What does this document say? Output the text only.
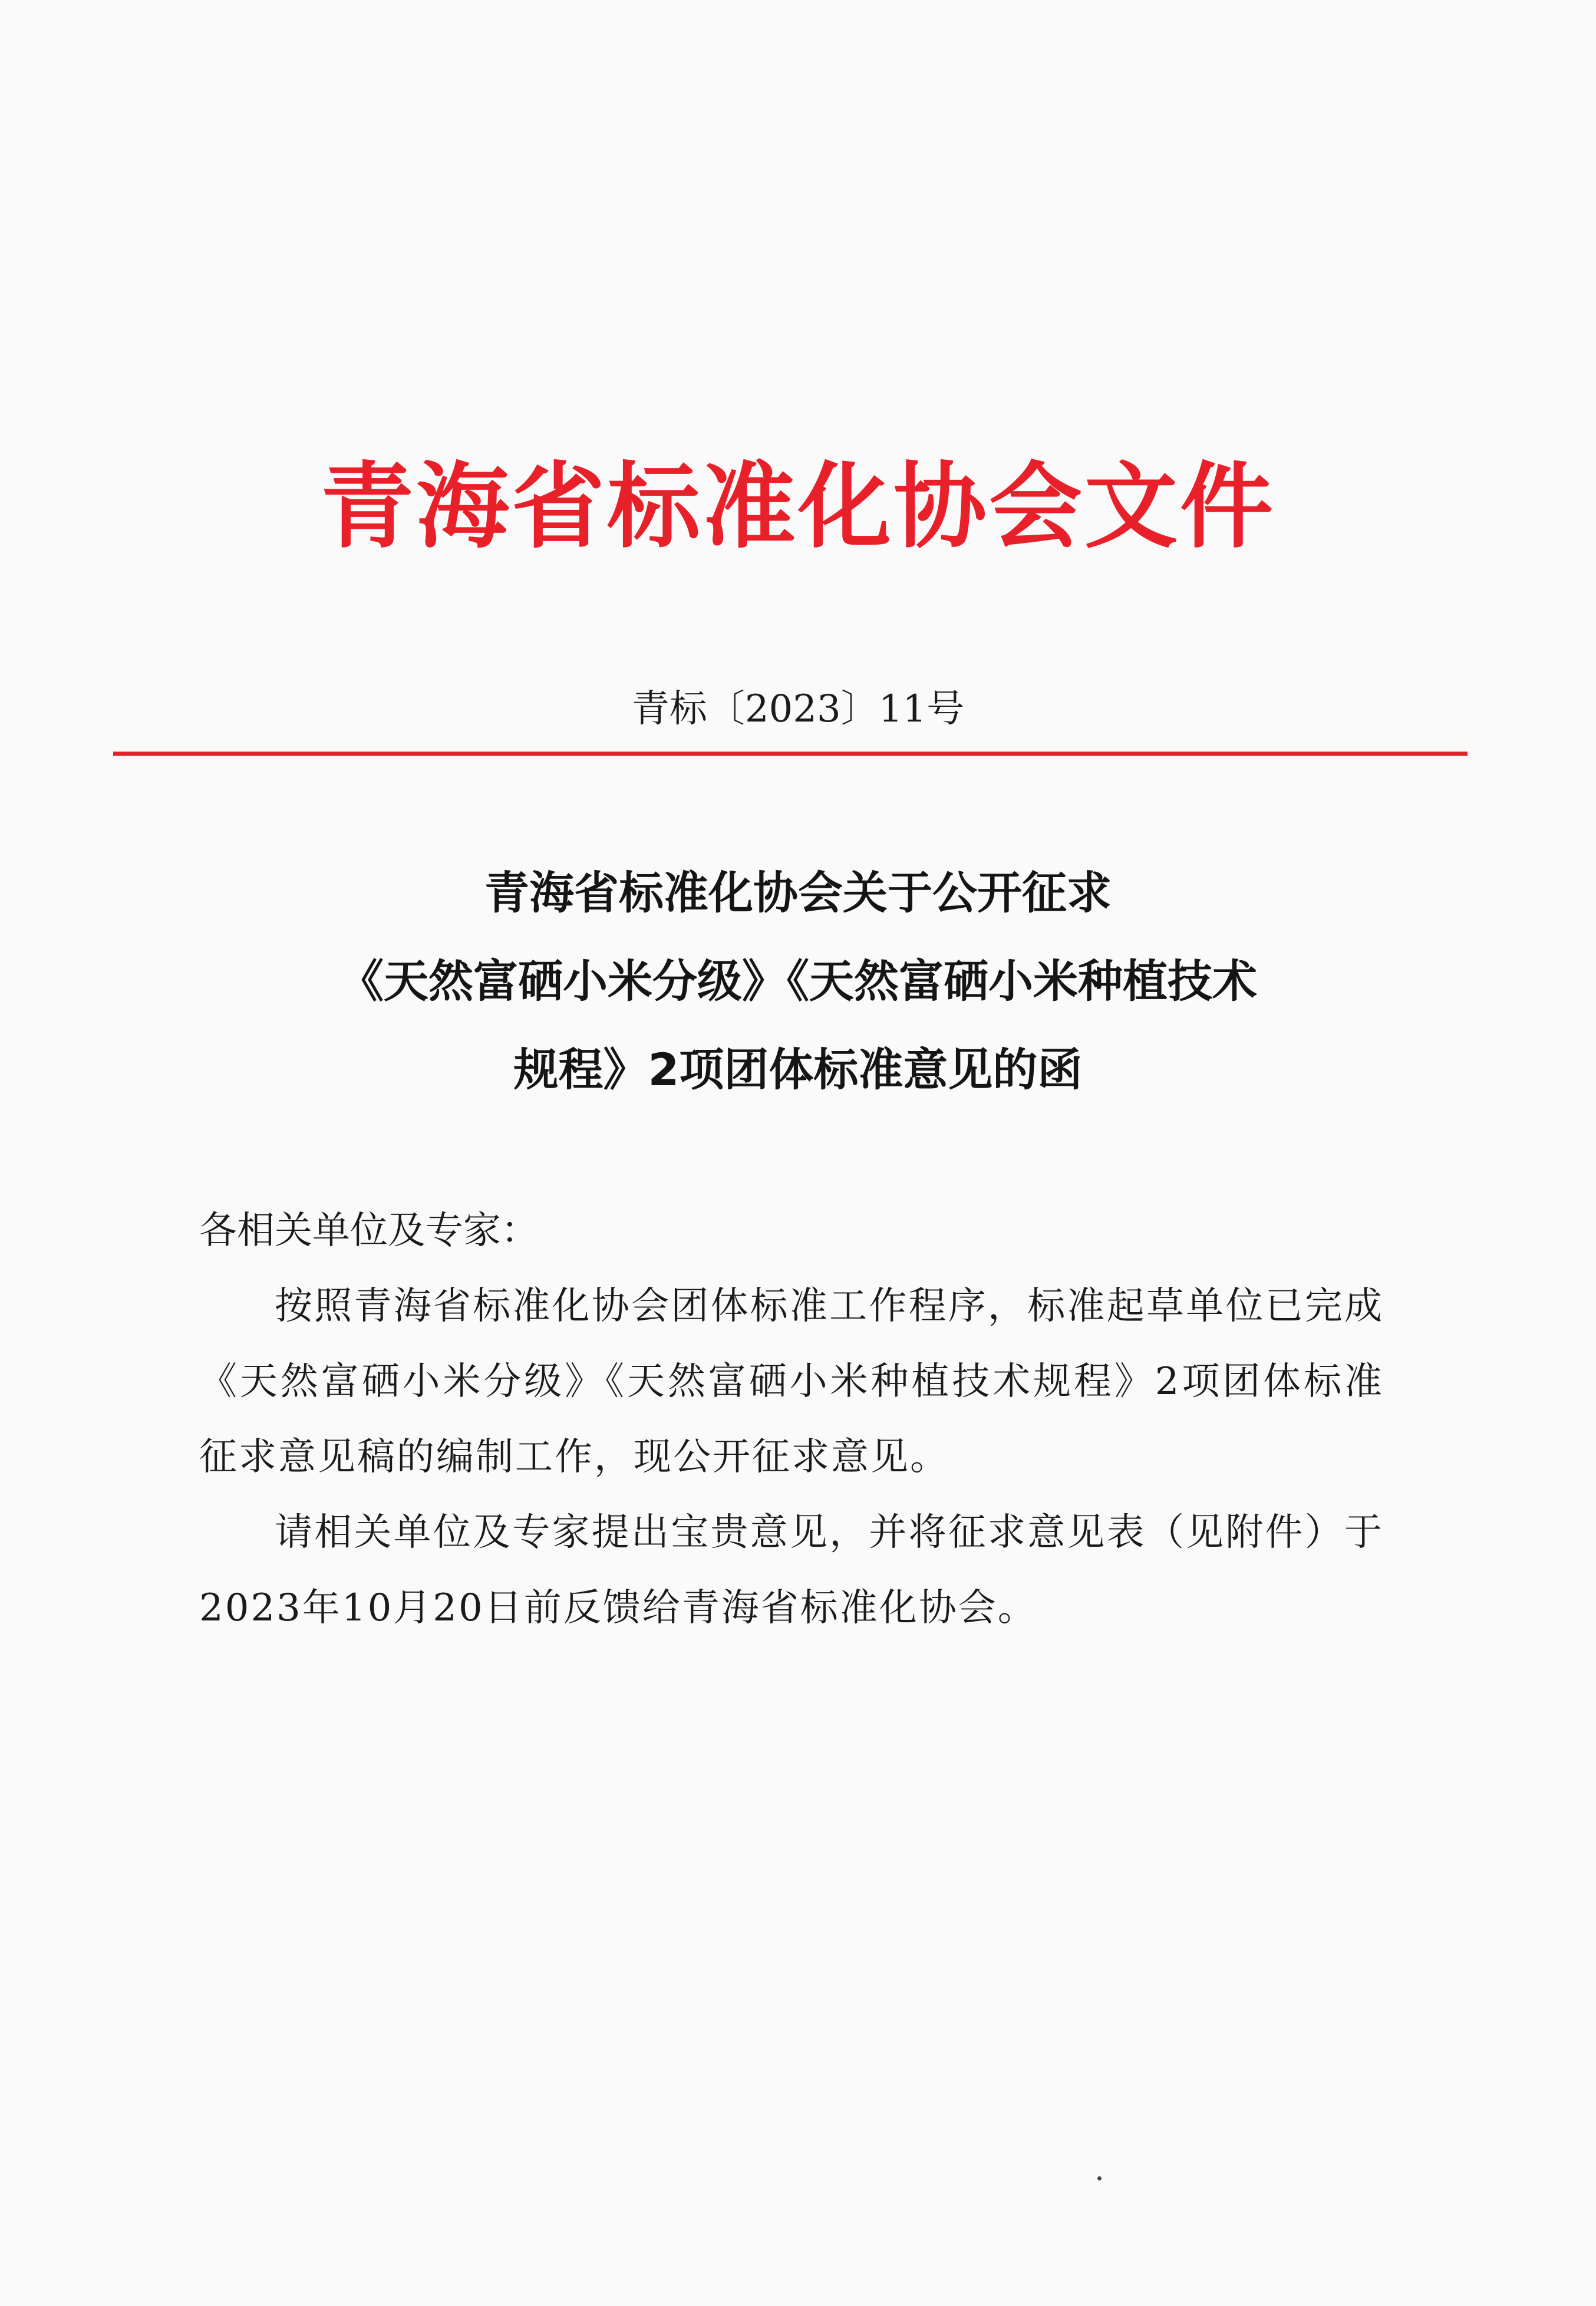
青海省标准化协会文件
青标〔2023〕11号
青海省标准化协会关于公开征求
《天然富硒小米分级》《天然富硒小米种植技术
规程》2项团体标准意见的函
各相关单位及专家：

按照青海省标准化协会团体标准工作程序，标准起草单位已完成《天然富硒小米分级》《天然富硒小米种植技术规程》2项团体标准征求意见稿的编制工作，现公开征求意见。

请相关单位及专家提出宝贵意见，并将征求意见表（见附件）于2023年10月20日前反馈给青海省标准化协会。
